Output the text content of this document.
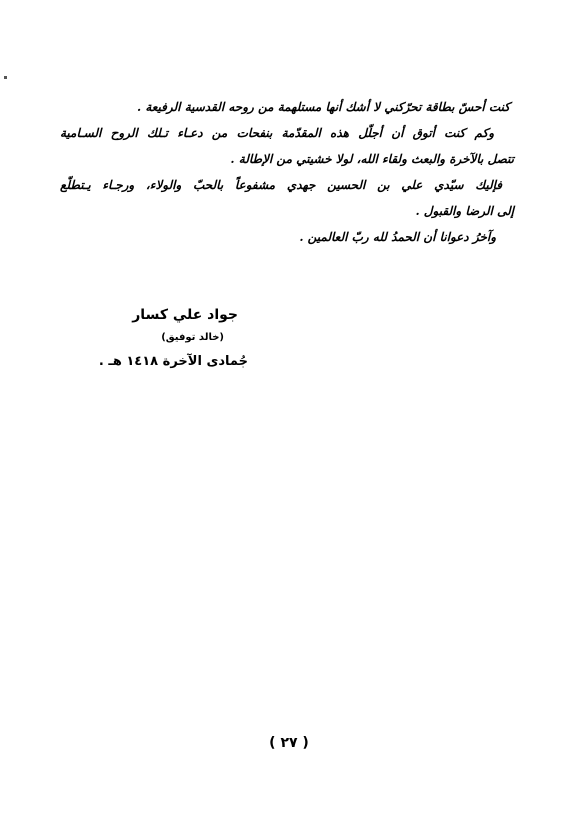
كنت أحسّ بطاقة تحرّكني لا أشك أنها مستلهمة من روحه القدسية الرفيعة .
وكم كنت أتوق أن أجلّل هذه المقدّمة بنفحات من دعـاء تـلك الروح السـامية
تتصل بالآخرة والبعث ولقاء الله، لولا خشيتي من الإطالة .
فإليك سيّدي علي بن الحسين جهدي مشفوعاً بالحبّ والولاء، ورجـاء يـتطلّع
إلى الرضا والقبول .
وآخرُ دعوانا أن الحمدُ لله ربّ العالمين .
جواد علي كسار
(خالد توفيق)
جُمادى الآخرة ١٤١٨ هـ .
( ٢٧ )
